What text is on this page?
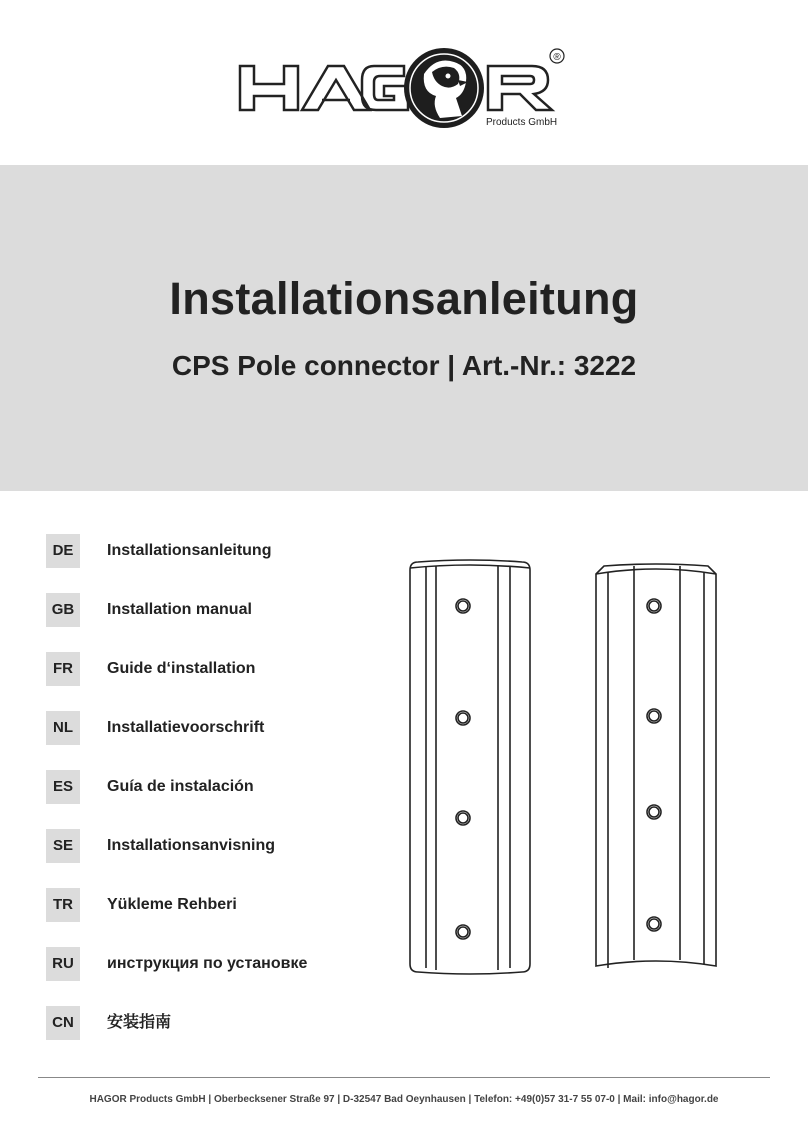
®
Products GmbH
Installationsanleitung
CPS Pole connector | Art.-Nr.: 3222
DE	Installationsanleitung
GB	Installation manual
FR	Guide d‘installation
NL	Installatievoorschrift
ES	Guía de instalación
SE	Installationsanvisning
TR	Yükleme Rehberi
RU	инструкция по установке
CN	安装指南
HAGOR Products GmbH | Oberbecksener Straße 97 | D-32547 Bad Oeynhausen | Telefon: +49(0)57 31-7 55 07-0 | Mail: info@hagor.de
